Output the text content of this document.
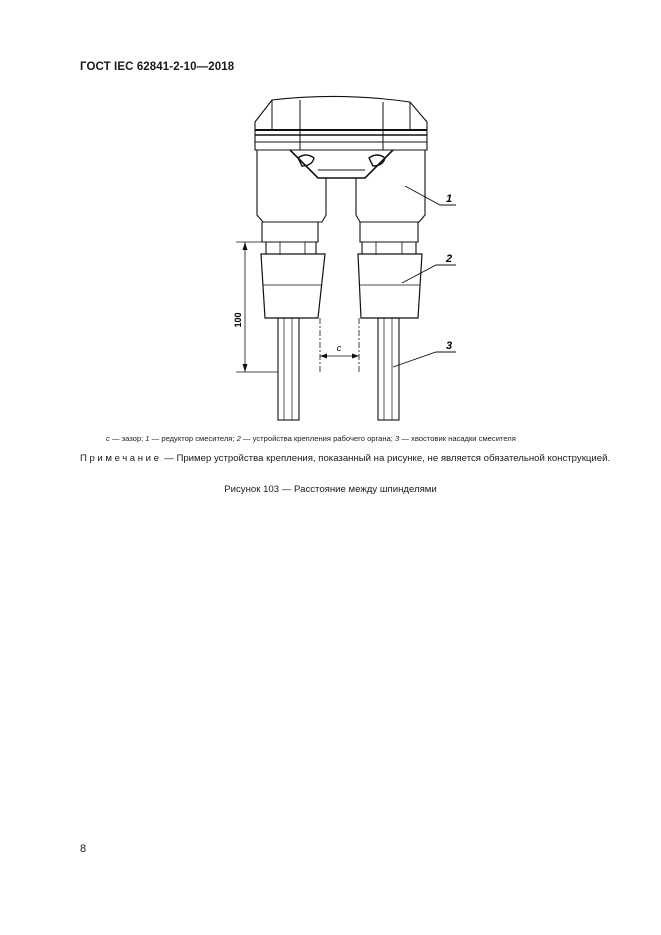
ГОСТ IEC 62841-2-10—2018
100
c
1
2
3
c — зазор; 1 — редуктор смесителя; 2 — устройства крепления рабочего органа; 3 — хвостовик насадки смесителя
Примечание — Пример устройства крепления, показанный на рисунке, не является обязательной конструкцией.
Рисунок 103 — Расстояние между шпинделями
8
